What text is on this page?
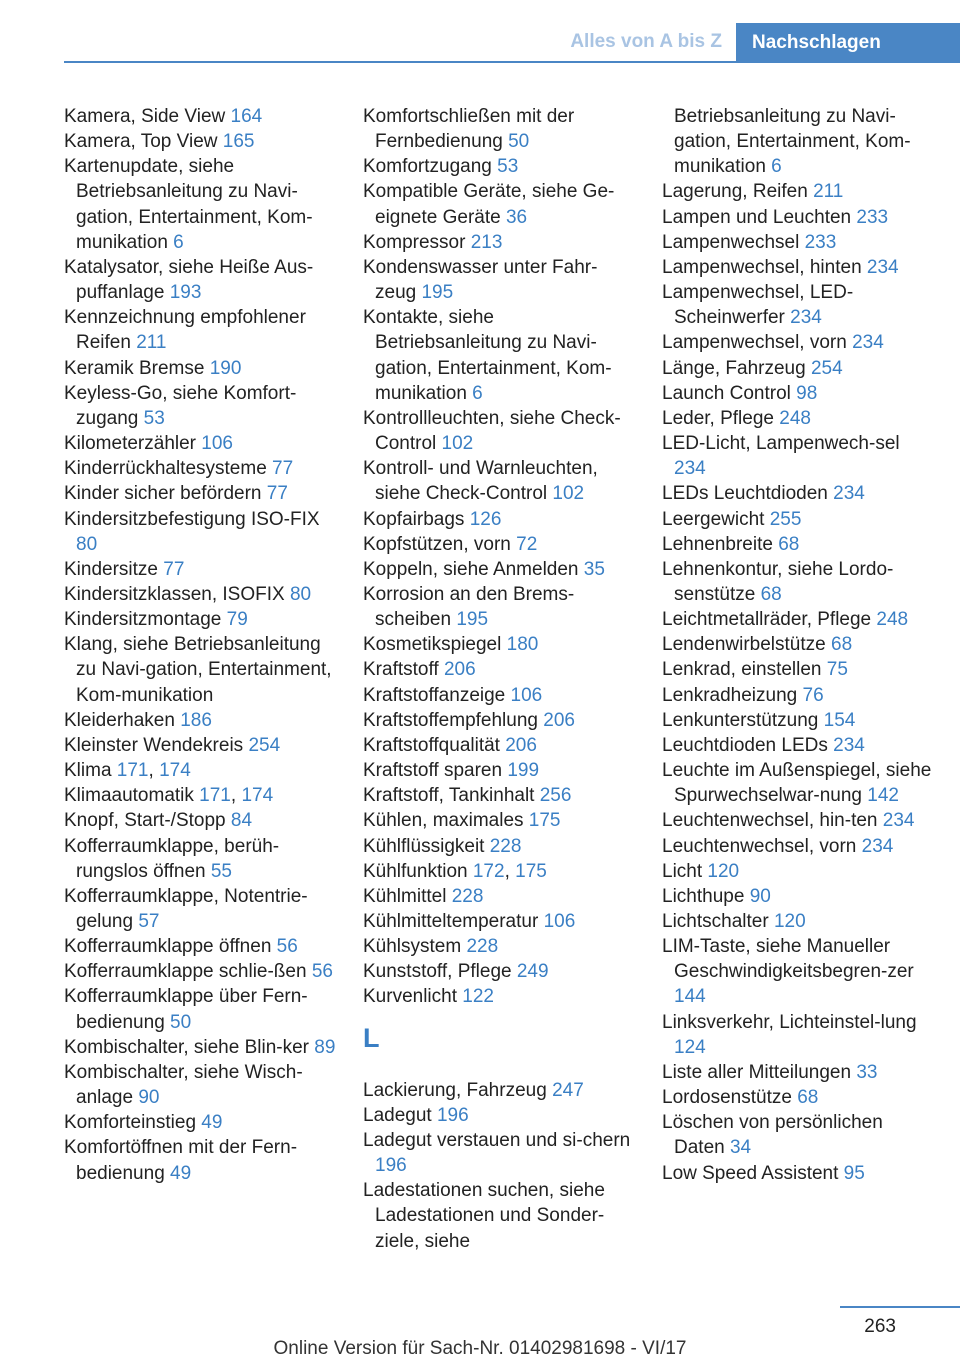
Alles von A bis Z	Nachschlagen
Kamera, Side View 164
Kamera, Top View 165
Kartenupdate, siehe Betriebsanleitung zu Navi-gation, Entertainment, Kom-munikation 6
Katalysator, siehe Heiße Aus-puffanlage 193
Kennzeichnung empfohlener Reifen 211
Keramik Bremse 190
Keyless-Go, siehe Komfort-zugang 53
Kilometerzähler 106
Kinderrückhaltesysteme 77
Kinder sicher befördern 77
Kindersitzbefestigung ISO-FIX 80
Kindersitze 77
Kindersitzklassen, ISOFIX 80
Kindersitzmontage 79
Klang, siehe Betriebsanleitung zu Navi-gation, Entertainment, Kom-munikation
Kleiderhaken 186
Kleinster Wendekreis 254
Klima 171, 174
Klimaautomatik 171, 174
Knopf, Start-/Stopp 84
Kofferraumklappe, berüh-rungslos öffnen 55
Kofferraumklappe, Notentrie-gelung 57
Kofferraumklappe öffnen 56
Kofferraumklappe schlie-ßen 56
Kofferraumklappe über Fern-bedienung 50
Kombischalter, siehe Blin-ker 89
Kombischalter, siehe Wisch-anlage 90
Komforteinstieg 49
Komfortöffnen mit der Fern-bedienung 49
Komfortschließen mit der Fernbedienung 50
Komfortzugang 53
Kompatible Geräte, siehe Ge-eignete Geräte 36
Kompressor 213
Kondenswasser unter Fahr-zeug 195
Kontakte, siehe Betriebsanleitung zu Navi-gation, Entertainment, Kom-munikation 6
Kontrollleuchten, siehe Check-Control 102
Kontroll- und Warnleuchten, siehe Check-Control 102
Kopfairbags 126
Kopfstützen, vorn 72
Koppeln, siehe Anmelden 35
Korrosion an den Brems-scheiben 195
Kosmetikspiegel 180
Kraftstoff 206
Kraftstoffanzeige 106
Kraftstoffempfehlung 206
Kraftstoffqualität 206
Kraftstoff sparen 199
Kraftstoff, Tankinhalt 256
Kühlen, maximales 175
Kühlflüssigkeit 228
Kühlfunktion 172, 175
Kühlmittel 228
Kühlmitteltemperatur 106
Kühlsystem 228
Kunststoff, Pflege 249
Kurvenlicht 122
L
Lackierung, Fahrzeug 247
Ladegut 196
Ladegut verstauen und si-chern 196
Ladestationen suchen, siehe Ladestationen und Sonder-ziele, siehe
Betriebsanleitung zu Navi-gation, Entertainment, Kom-munikation 6
Lagerung, Reifen 211
Lampen und Leuchten 233
Lampenwechsel 233
Lampenwechsel, hinten 234
Lampenwechsel, LED-Scheinwerfer 234
Lampenwechsel, vorn 234
Länge, Fahrzeug 254
Launch Control 98
Leder, Pflege 248
LED-Licht, Lampenwech-sel 234
LEDs Leuchtdioden 234
Leergewicht 255
Lehnenbreite 68
Lehnenkontur, siehe Lordo-senstütze 68
Leichtmetallräder, Pflege 248
Lendenwirbelstütze 68
Lenkrad, einstellen 75
Lenkradheizung 76
Lenkunterstützung 154
Leuchtdioden LEDs 234
Leuchte im Außenspiegel, siehe Spurwechselwar-nung 142
Leuchtenwechsel, hin-ten 234
Leuchtenwechsel, vorn 234
Licht 120
Lichthupe 90
Lichtschalter 120
LIM-Taste, siehe Manueller Geschwindigkeitsbegren-zer 144
Linksverkehr, Lichteinstel-lung 124
Liste aller Mitteilungen 33
Lordosenstütze 68
Löschen von persönlichen Daten 34
Low Speed Assistent 95
263
Online Version für Sach-Nr. 01402981698 - VI/17
